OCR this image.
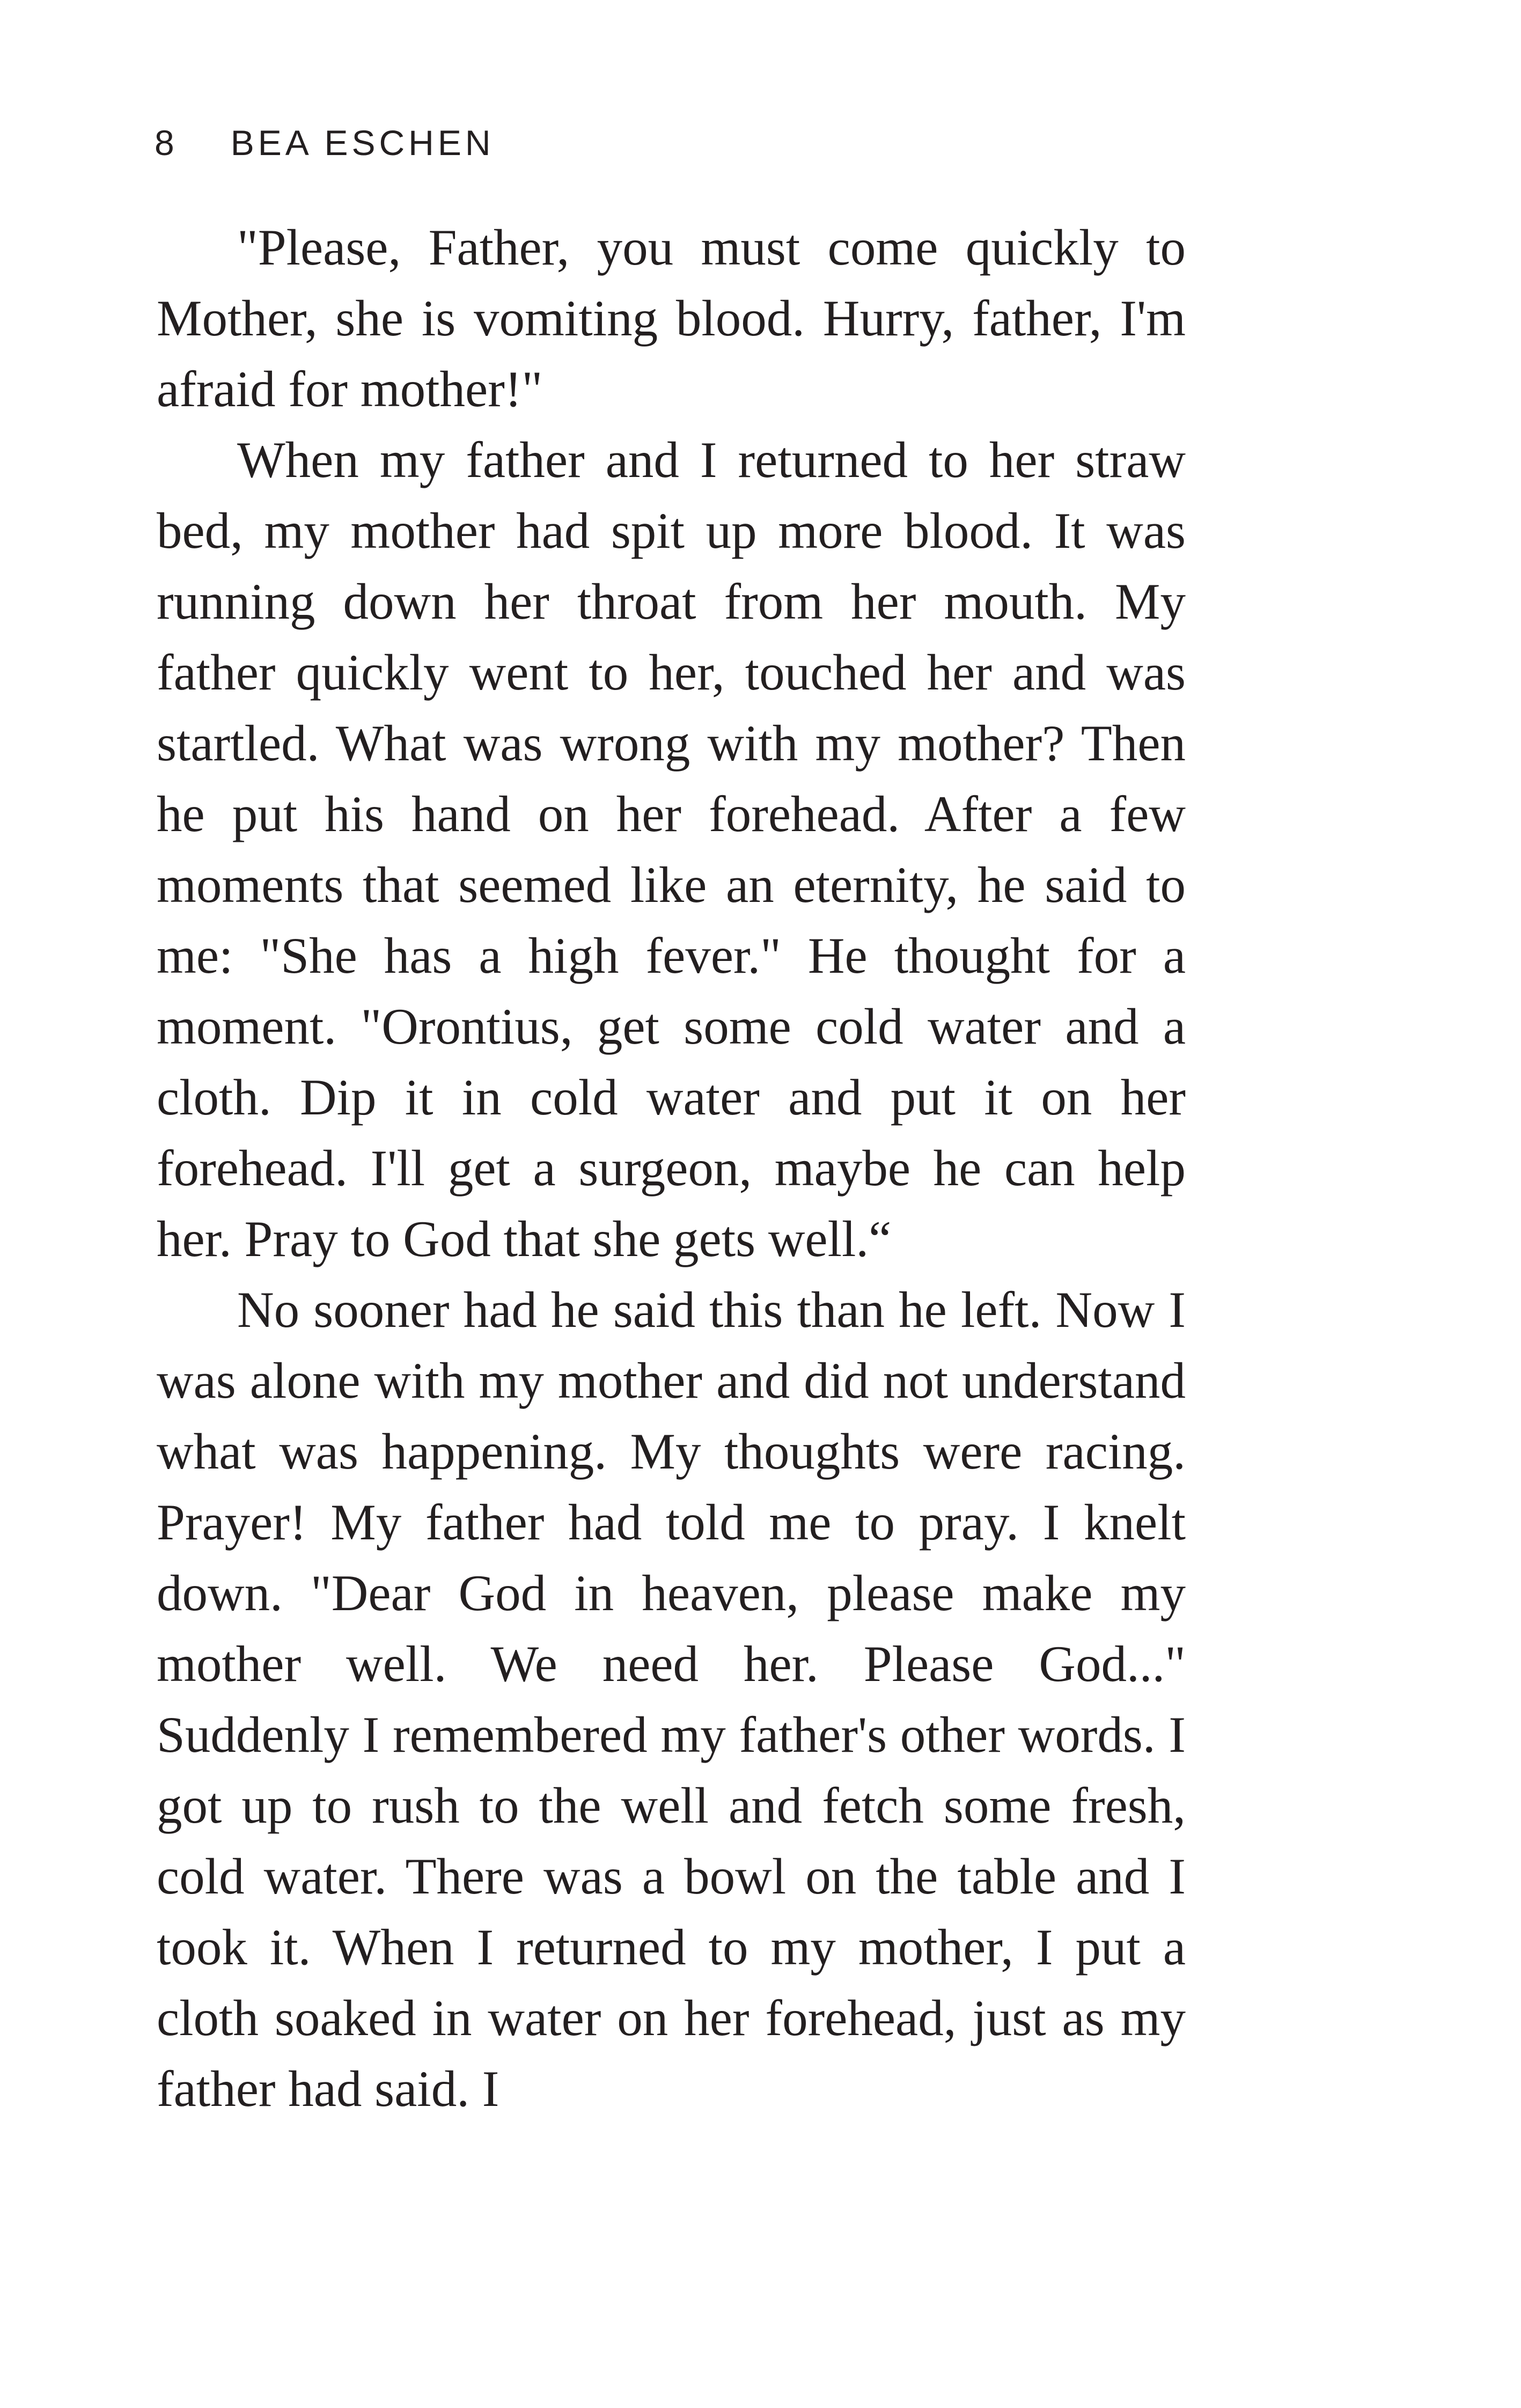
8 BEA ESCHEN

"Please, Father, you must come quickly to Mother, she is vomiting blood. Hurry, father, I'm afraid for mother!"

When my father and I returned to her straw bed, my mother had spit up more blood. It was running down her throat from her mouth. My father quickly went to her, touched her and was startled. What was wrong with my mother? Then he put his hand on her forehead. After a few moments that seemed like an eternity, he said to me: "She has a high fever." He thought for a moment. "Orontius, get some cold water and a cloth. Dip it in cold water and put it on her forehead. I'll get a surgeon, maybe he can help her. Pray to God that she gets well.“

No sooner had he said this than he left. Now I was alone with my mother and did not understand what was happening. My thoughts were racing. Prayer! My father had told me to pray. I knelt down. "Dear God in heaven, please make my mother well. We need her. Please God..." Suddenly I remembered my father's other words. I got up to rush to the well and fetch some fresh, cold water. There was a bowl on the table and I took it. When I returned to my mother, I put a cloth soaked in water on her forehead, just as my father had said. I
